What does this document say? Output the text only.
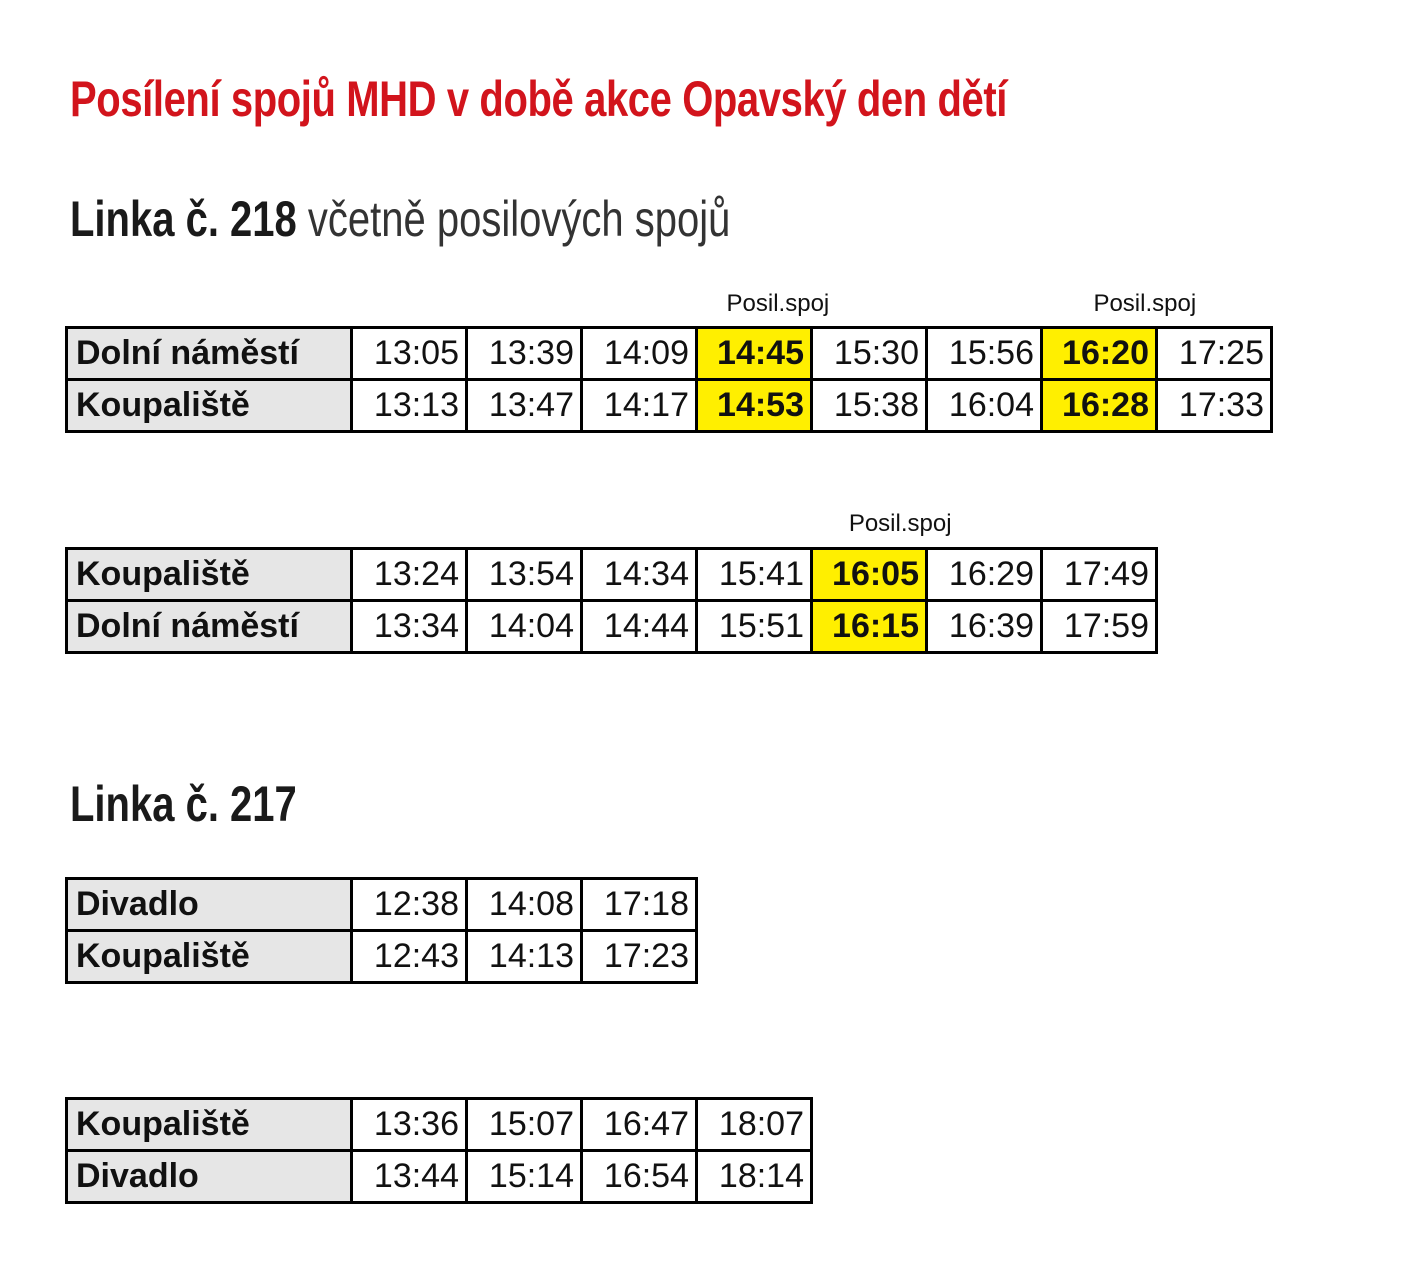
Posílení spojů MHD v době akce Opavský den dětí
Linka č. 218 včetně posilových spojů
Linka č. 217
Dolní náměstí	13:05	13:39	14:09	14:45	15:30	15:56	16:20	17:25
Koupaliště	13:13	13:47	14:17	14:53	15:38	16:04	16:28	17:33
Posil.spoj	Posil.spoj
Koupaliště	13:24	13:54	14:34	15:41	16:05	16:29	17:49
Dolní náměstí	13:34	14:04	14:44	15:51	16:15	16:39	17:59
Posil.spoj
Divadlo	12:38	14:08	17:18
Koupaliště	12:43	14:13	17:23
Koupaliště	13:36	15:07	16:47	18:07
Divadlo	13:44	15:14	16:54	18:14
